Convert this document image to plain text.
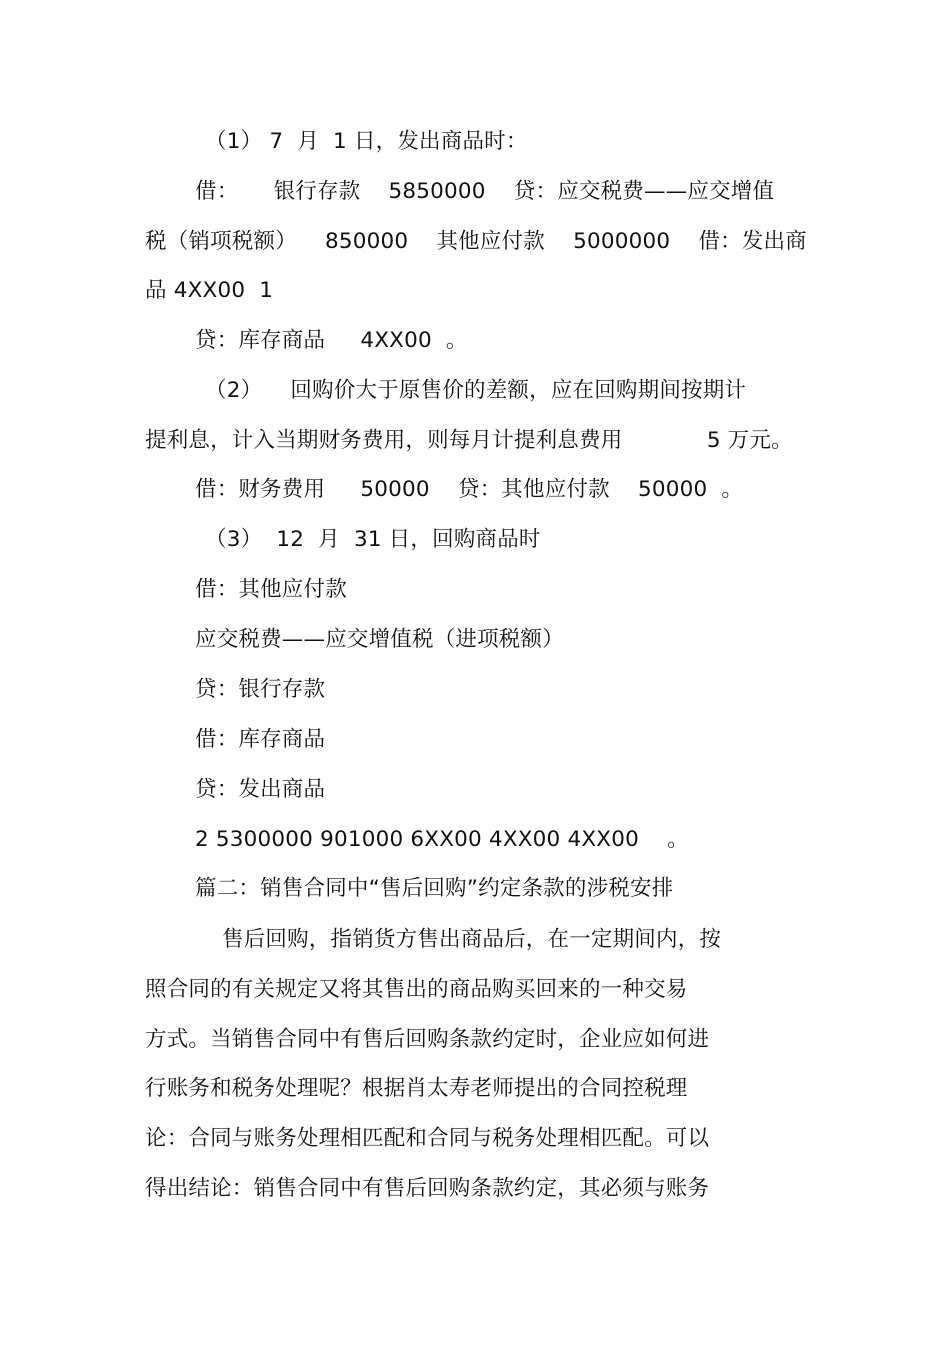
（1） 7  月  1 日，发出商品时：
借：     银行存款    5850000    贷：应交税费——应交增值
税（销项税额）    850000    其他应付款    5000000    借：发出商
品 4XX00  1
贷：库存商品     4XX00  。
（2）    回购价大于原售价的差额，应在回购期间按期计
提利息，计入当期财务费用，则每月计提利息费用            5 万元。
借：财务费用     50000    贷：其他应付款    50000  。
（3）  12  月  31 日，回购商品时
借：其他应付款
应交税费——应交增值税（进项税额）
贷：银行存款
借：库存商品
贷：发出商品
2 5300000 901000 6XX00 4XX00 4XX00    。
篇二：销售合同中“售后回购”约定条款的涉税安排
售后回购，指销货方售出商品后，在一定期间内，按
照合同的有关规定又将其售出的商品购买回来的一种交易
方式。当销售合同中有售后回购条款约定时，企业应如何进
行账务和税务处理呢？根据肖太寿老师提出的合同控税理
论：合同与账务处理相匹配和合同与税务处理相匹配。可以
得出结论：销售合同中有售后回购条款约定，其必须与账务
